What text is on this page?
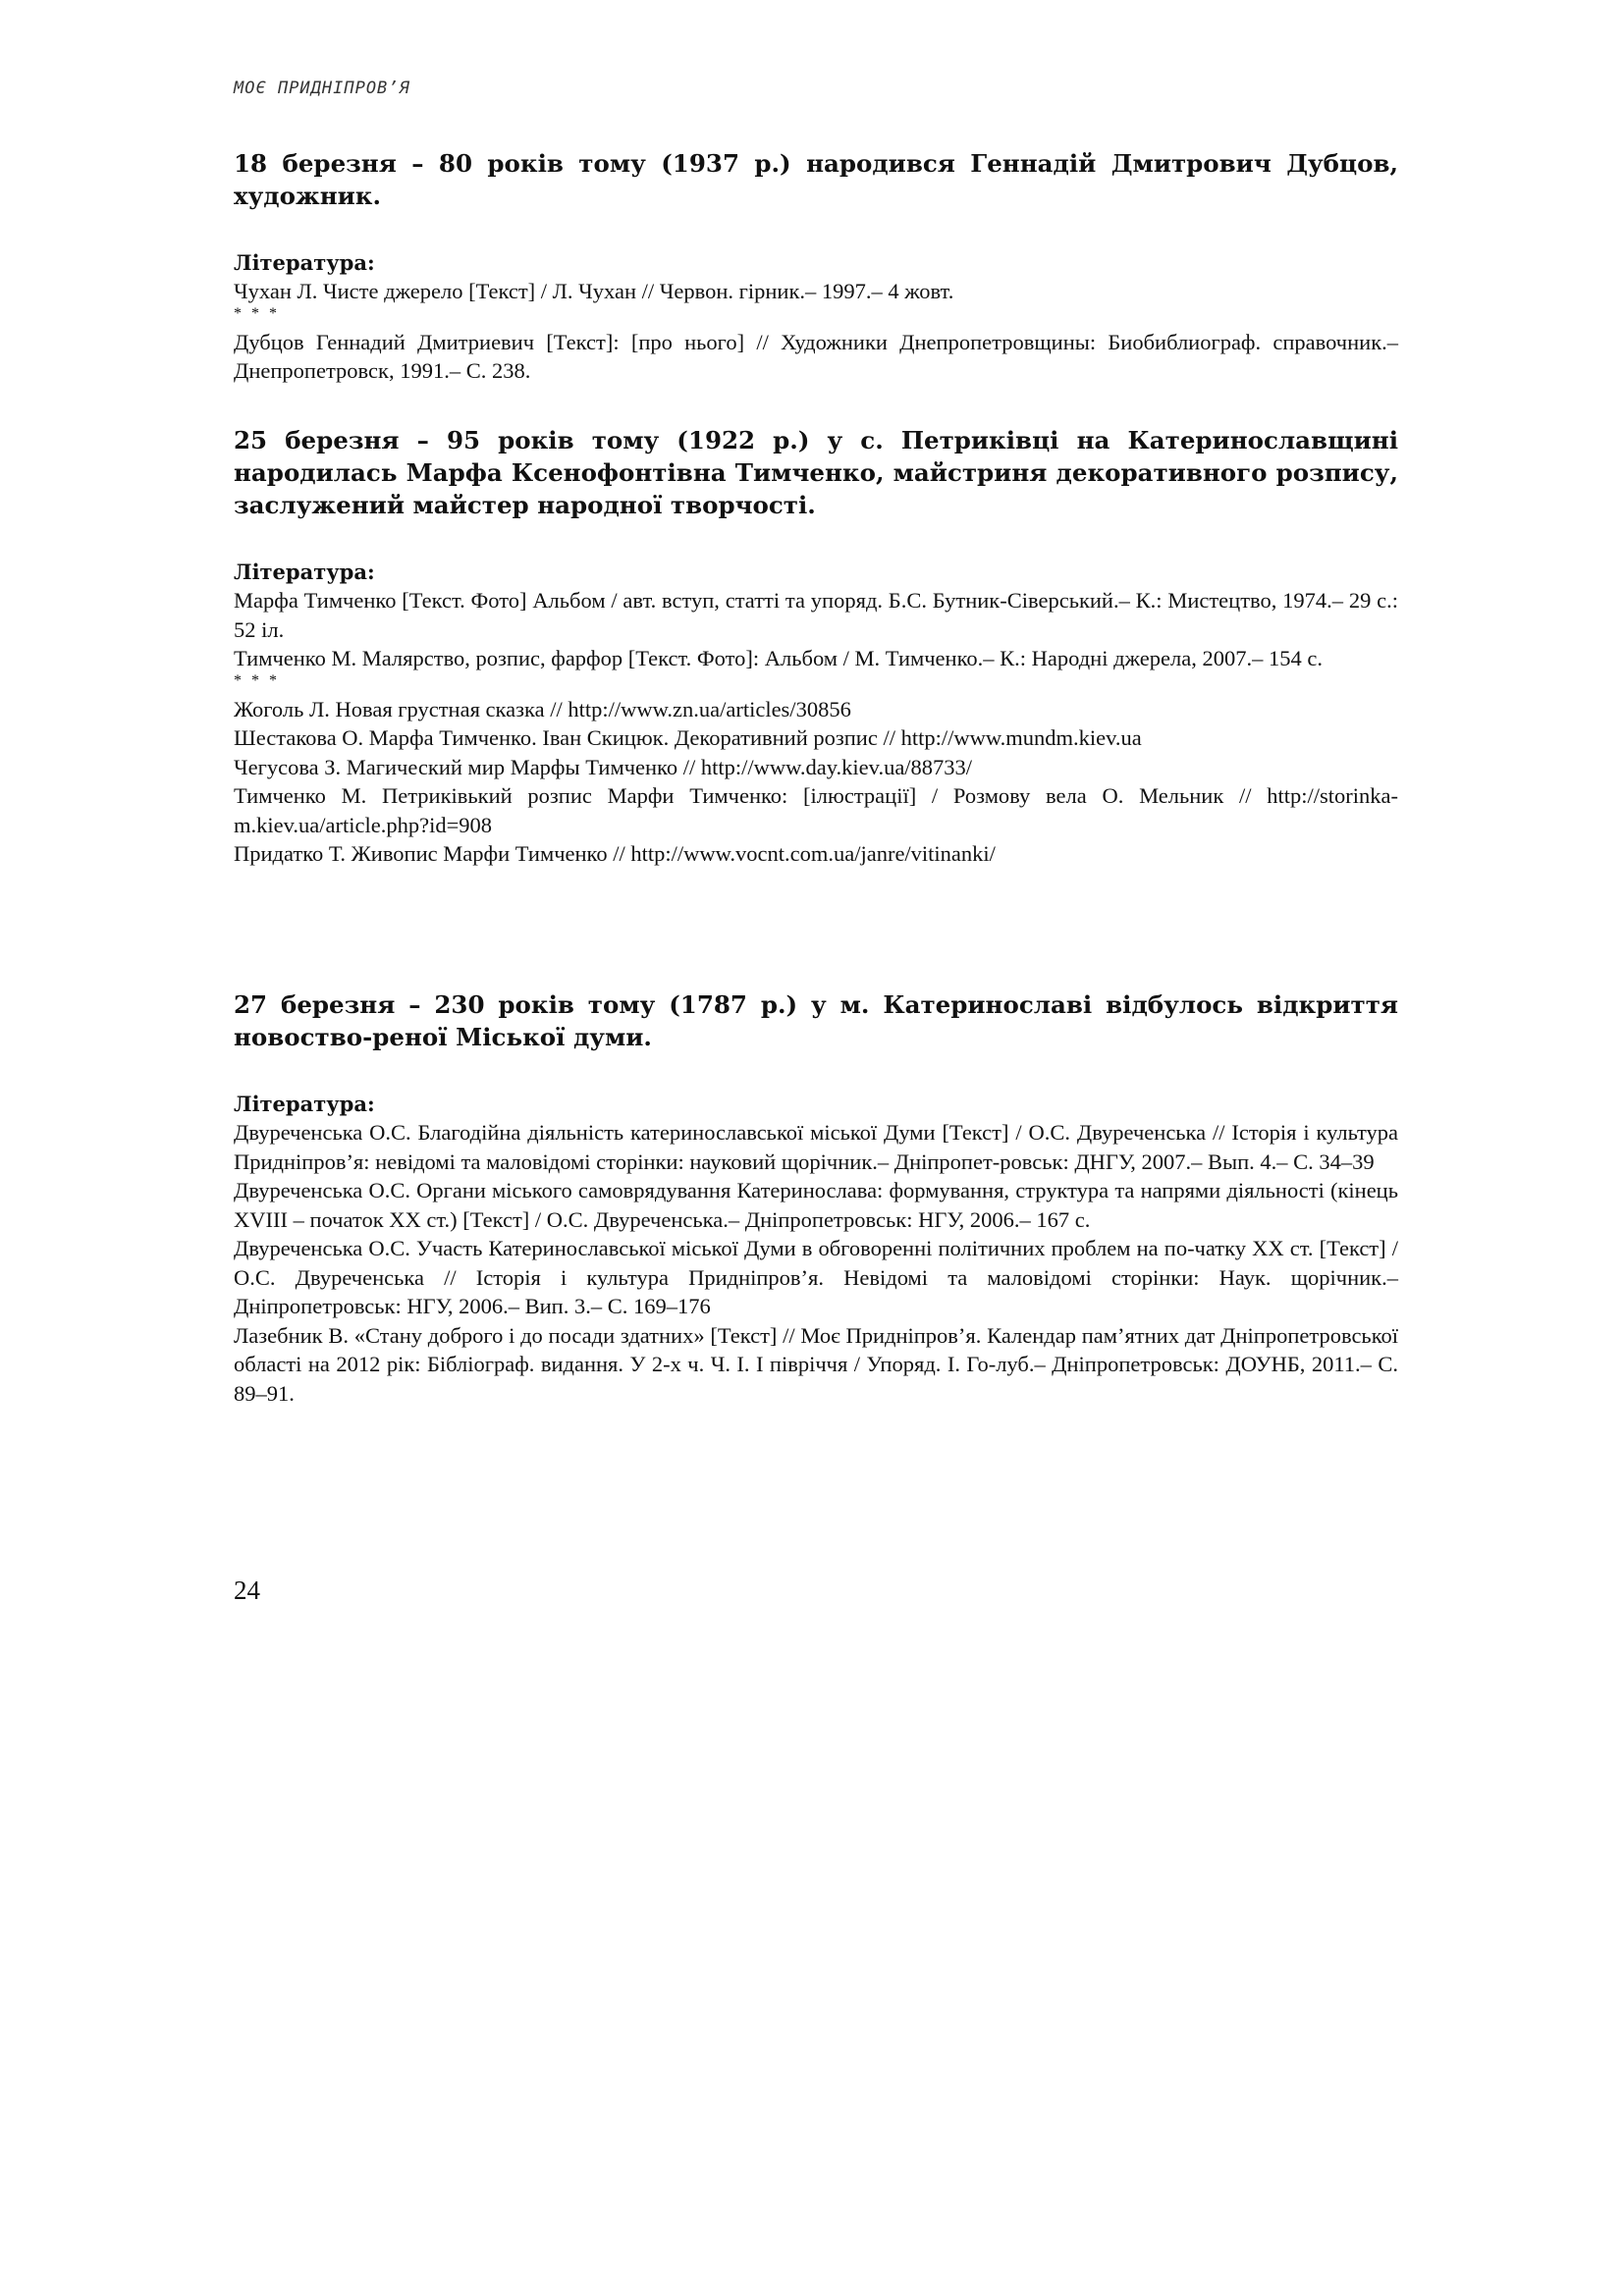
МОЄ ПРИДНІПРОВ’Я
18 березня – 80 років тому (1937 р.) народився Геннадій Дмитрович Дубцов, художник.

Література:

Чухан Л. Чисте джерело [Текст] / Л. Чухан // Червон. гірник.– 1997.– 4 жовт.

* * *

Дубцов Геннадий Дмитриевич [Текст]: [про нього] // Художники Днепропетровщины: Биобиблиограф. справочник.– Днепропетровск, 1991.– С. 238.

25 березня – 95 років тому (1922 р.) у с. Петриківці на Катеринославщині народилась Марфа Ксенофонтівна Тимченко, майстриня декоративного розпису, заслужений майстер народної творчості.

Література:

Марфа Тимченко [Текст. Фото] Альбом / авт. вступ, статті та упоряд. Б.С. Бутник-Сіверський.– К.: Мистецтво, 1974.– 29 с.: 52 іл.

Тимченко М. Малярство, розпис, фарфор [Текст. Фото]: Альбом / М. Тимченко.– К.: Народні джерела, 2007.– 154 с.

* * *

Жоголь Л. Новая грустная сказка // http://www.zn.ua/articles/30856

Шестакова О. Марфа Тимченко. Іван Скицюк. Декоративний розпис // http://www.mundm.kiev.ua

Чегусова З. Магический мир Марфы Тимченко // http://www.day.kiev.ua/88733/

Тимченко М. Петриківький розпис Марфи Тимченко: [ілюстрації] / Розмову вела О. Мельник // http://storinka-m.kiev.ua/article.php?id=908

Придатко Т. Живопис Марфи Тимченко // http://www.vocnt.com.ua/janre/vitinanki/

27 березня – 230 років тому (1787 р.) у м. Катеринославі відбулось відкриття новоство-реної Міської думи.

Література:

Двуреченська О.С. Благодійна діяльність катеринославської міської Думи [Текст] / О.С. Двуреченська // Історія і культура Придніпров’я: невідомі та маловідомі сторінки: науковий щорічник.– Дніпропет-ровськ: ДНГУ, 2007.– Вып. 4.– С. 34–39

Двуреченська О.С. Органи міського самоврядування Катеринослава: формування, структура та напрями діяльності (кінець XVIII – початок XX ст.) [Текст] / О.С. Двуреченська.– Дніпропетровськ: НГУ, 2006.– 167 с.

Двуреченська О.С. Участь Катеринославської міської Думи в обговоренні політичних проблем на по-чатку XX ст. [Текст] / О.С. Двуреченська // Історія і культура Придніпров’я. Невідомі та маловідомі сторінки: Наук. щорічник.– Дніпропетровськ: НГУ, 2006.– Вип. 3.– С. 169–176

Лазебник В. «Стану доброго і до посади здатних» [Текст] // Моє Придніпров’я. Календар пам’ятних дат Дніпропетровської області на 2012 рік: Бібліограф. видання. У 2-х ч. Ч. І. І півріччя / Упоряд. І. Го-луб.– Дніпропетровськ: ДОУНБ, 2011.– С. 89–91.

24
